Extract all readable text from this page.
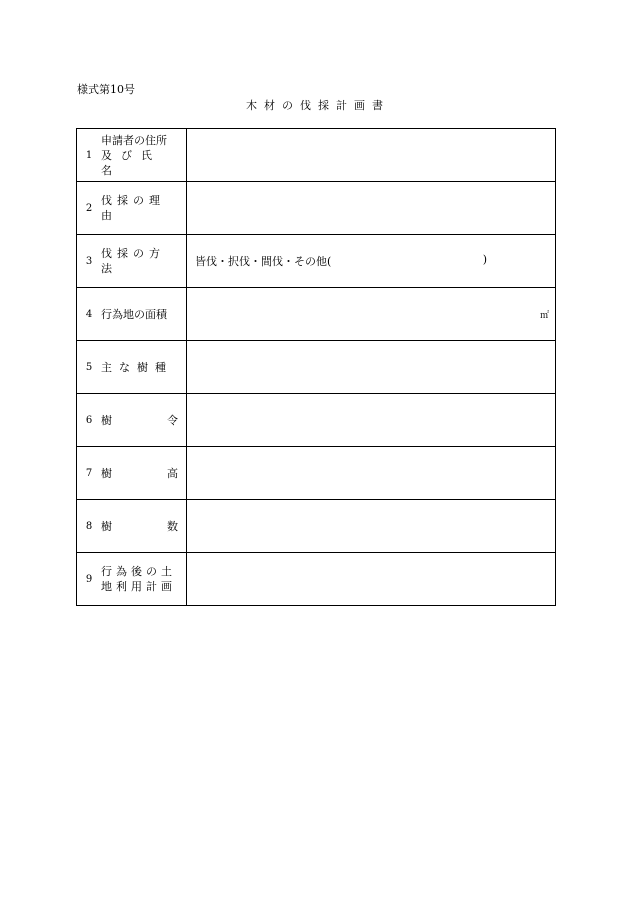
様式第10号
木材の伐採計画書
1
申請者の住所
及び氏名	

2
伐採の理由	

3
伐採の方法	皆伐・択伐・間伐・その他( )

4 行為地の面積	㎡

5 主な樹種	

6 樹 令	

7 樹 高	

8 樹 数	

9
行為後の土
地利用計画	
